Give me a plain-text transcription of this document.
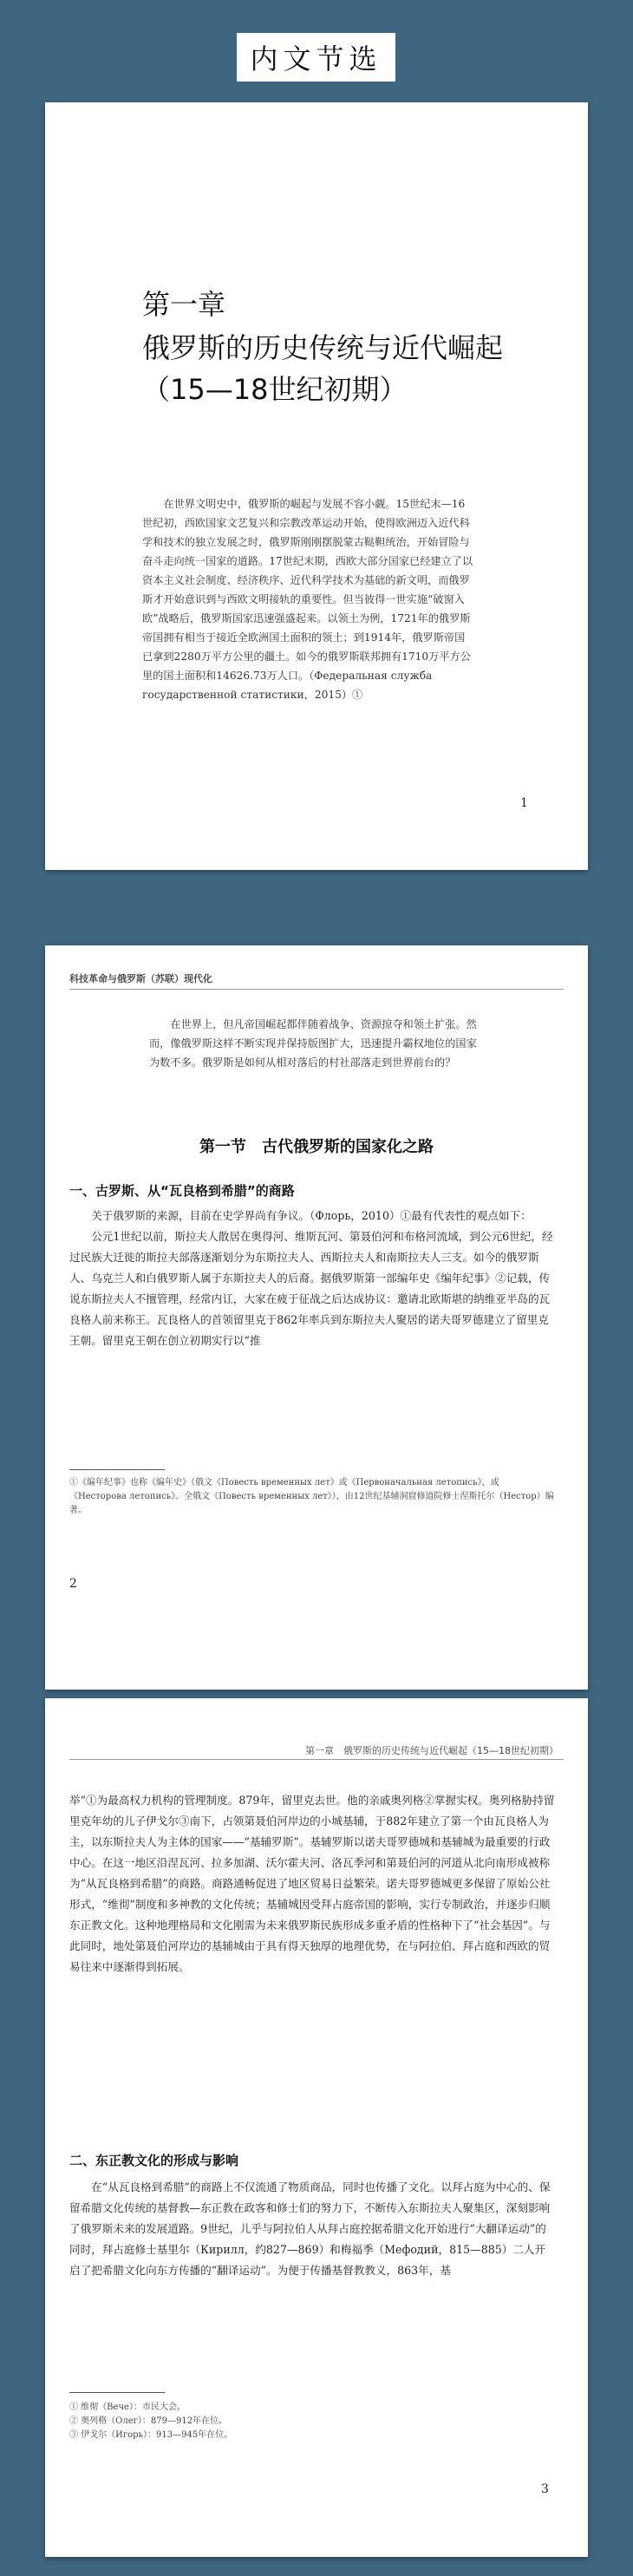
内文节选
第一章
俄罗斯的历史传统与近代崛起
（15—18世纪初期）

在世界文明史中，俄罗斯的崛起与发展不容小觑。15世纪末—16世纪初，西欧国家文艺复兴和宗教改革运动开始，使得欧洲迈入近代科学和技术的独立发展之时，俄罗斯刚刚摆脱蒙古鞑靼统治，开始冒险与奋斗走向统一国家的道路。17世纪末期，西欧大部分国家已经建立了以资本主义社会制度、经济秩序、近代科学技术为基础的新文明，而俄罗斯才开始意识到与西欧文明接轨的重要性。但当彼得一世实施“破窗入欧”战略后，俄罗斯国家迅速强盛起来。以领土为例，1721年的俄罗斯帝国拥有相当于接近全欧洲国土面积的领土；到1914年，俄罗斯帝国已拿到2280万平方公里的疆土。如今的俄罗斯联邦拥有1710万平方公里的国土面积和14626.73万人口。（Федеральная служба государственной статистики，2015）①

1
科技革命与俄罗斯（苏联）现代化

在世界上，但凡帝国崛起都伴随着战争、资源掠夺和领土扩张。然而，像俄罗斯这样不断实现并保持版图扩大，迅速提升霸权地位的国家为数不多。俄罗斯是如何从相对落后的村社部落走到世界前台的？

第一节　古代俄罗斯的国家化之路
一、古罗斯、从“瓦良格到希腊”的商路

关于俄罗斯的来源，目前在史学界尚有争议。（Флорь，2010）①最有代表性的观点如下：

公元1世纪以前，斯拉夫人散居在奥得河、维斯瓦河、第聂伯河和布格河流域，到公元6世纪，经过民族大迁徙的斯拉夫部落逐渐划分为东斯拉夫人、西斯拉夫人和南斯拉夫人三支。如今的俄罗斯人、乌克兰人和白俄罗斯人属于东斯拉夫人的后裔。据俄罗斯第一部编年史《编年纪事》②记载，传说东斯拉夫人不擅管理，经常内讧，大家在疲于征战之后达成协议：邀请北欧斯堪的纳维亚半岛的瓦良格人前来称王。瓦良格人的首领留里克于862年率兵到东斯拉夫人聚居的诺夫哥罗德建立了留里克王朝。留里克王朝在创立初期实行以“推

①《编年纪事》也称《编年史》（俄文《Повесть временных лет》或《Первоначальная летопись》，或《Несторова летопись》。全俄文《Повесть временных лет》），由12世纪基辅洞窟修道院修士涅斯托尔（Нестор）编著。
2
第一章　俄罗斯的历史传统与近代崛起（15—18世纪初期）

举”①为最高权力机构的管理制度。879年，留里克去世。他的亲戚奥列格②掌握实权。奥列格胁持留里克年幼的儿子伊戈尔③南下，占领第聂伯河岸边的小城基辅，于882年建立了第一个由瓦良格人为主，以东斯拉夫人为主体的国家——“基辅罗斯”。基辅罗斯以诺夫哥罗德城和基辅城为最重要的行政中心。在这一地区沿涅瓦河、拉多加湖、沃尔霍夫河、洛瓦季河和第聂伯河的河道从北向南形成被称为“从瓦良格到希腊”的商路。商路通畅促进了地区贸易日益繁荣。诺夫哥罗德城更多保留了原始公社形式，“维彻”制度和多神教的文化传统；基辅城因受拜占庭帝国的影响，实行专制政治，并逐步归顺东正教文化。这种地理格局和文化刚需为未来俄罗斯民族形成多重矛盾的性格种下了“社会基因”。与此同时，地处第聂伯河岸边的基辅城由于具有得天独厚的地理优势，在与阿拉伯、拜占庭和西欧的贸易往来中逐渐得到拓展。

二、东正教文化的形成与影响

在“从瓦良格到希腊”的商路上不仅流通了物质商品，同时也传播了文化。以拜占庭为中心的、保留希腊文化传统的基督教—东正教在政客和修士们的努力下，不断传入东斯拉夫人聚集区，深刻影响了俄罗斯未来的发展道路。9世纪，儿乎与阿拉伯人从拜占庭控据希腊文化开始进行“大翻译运动”的同时，拜占庭修士基里尔（Кирилл，约827—869）和梅福季（Мефодий，815—885）二人开启了把希腊文化向东方传播的“翻译运动”。为便于传播基督教教义，863年，基

① 维彻（Вече）：市民大会。
② 奥列格（Олег）：879—912年在位。
③ 伊戈尔（Игорь）：913—945年在位。
3
